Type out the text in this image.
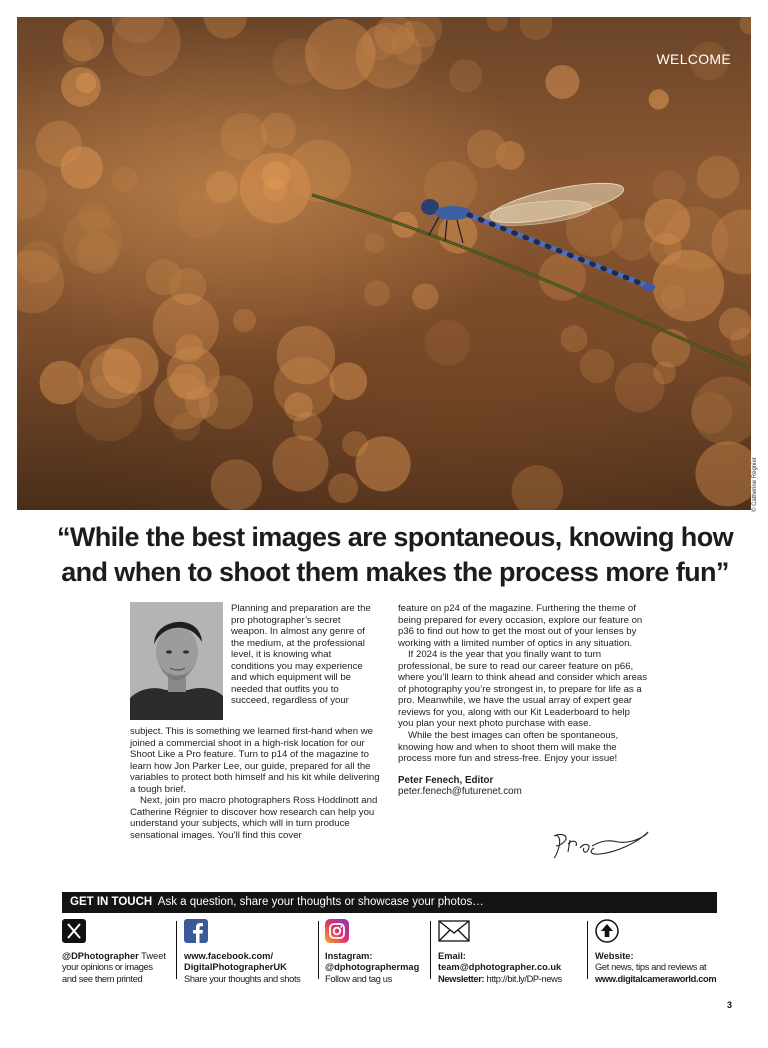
WELCOME
© Catherine Régnier
“While the best images are spontaneous, knowing how
and when to shoot them makes the process more fun”

Planning and preparation are the pro photographer’s secret weapon. In almost any genre of the medium, at the professional level, it is knowing what conditions you may experience and which equipment will be needed that outfits you to succeed, regardless of your

subject. This is something we learned first-hand when we joined a commercial shoot in a high-risk location for our Shoot Like a Pro feature. Turn to p14 of the magazine to learn how Jon Parker Lee, our guide, prepared for all the variables to protect both himself and his kit while delivering a tough brief.

Next, join pro macro photographers Ross Hoddinott and Catherine Régnier to discover how research can help you understand your subjects, which will in turn produce sensational images. You’ll find this cover

feature on p24 of the magazine. Furthering the theme of being prepared for every occasion, explore our feature on p36 to find out how to get the most out of your lenses by working with a limited number of optics in any situation.

If 2024 is the year that you finally want to turn professional, be sure to read our career feature on p66, where you’ll learn to think ahead and consider which areas of photography you’re strongest in, to prepare for life as a pro. Meanwhile, we have the usual array of expert gear reviews for you, along with our Kit Leaderboard to help you plan your next photo purchase with ease.

While the best images can often be spontaneous, knowing how and when to shoot them will make the process more fun and stress-free. Enjoy your issue!

Peter Fenech, Editor

peter.fenech@futurenet.com

GET IN TOUCH Ask a question, share your thoughts or showcase your photos…
@DPhotographer Tweet
your opinions or images
and see them printed
www.facebook.com/
DigitalPhotographerUK
Share your thoughts and shots
Instagram:
@dphotographermag
Follow and tag us
Email:
team@dphotographer.co.uk
Newsletter: http://bit.ly/DP-news
Website:
Get news, tips and reviews at
www.digitalcameraworld.com
3
